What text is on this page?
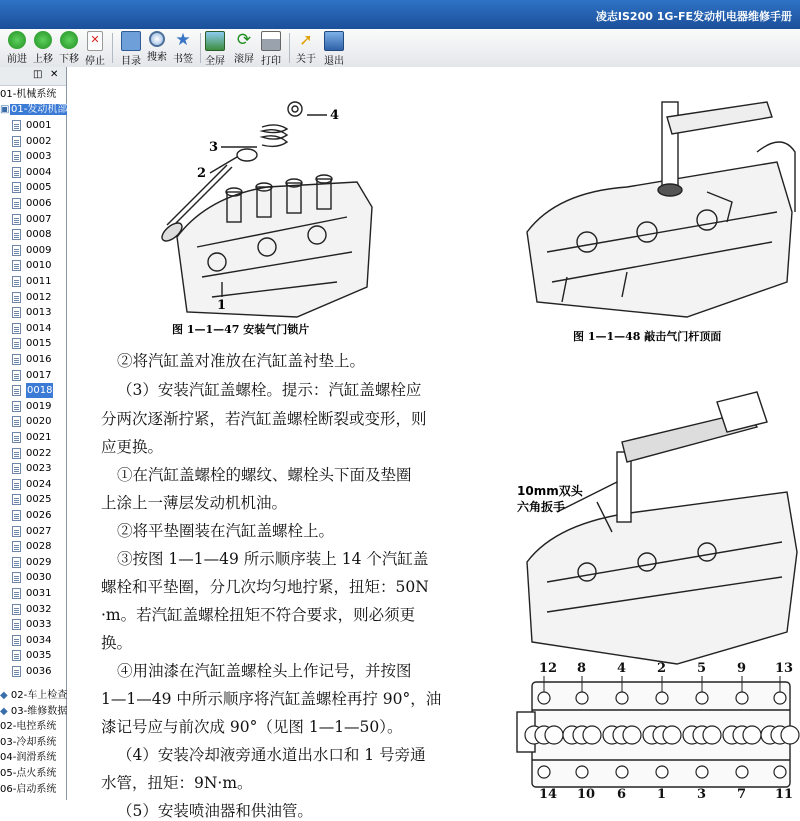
凌志IS200 1G-FE发动机电器维修手册
前进 上移 下移
✕
停止	目录 搜索
★
书签	全屏
⟳
滚屏 打印
➚
关于 退出
◫ ✕
01-机械系统
▣ 01-发动机部
0001
0002
0003
0004
0005
0006
0007
0008
0009
0010
0011
0012
0013
0014
0015
0016
0017
0018
0019
0020
0021
0022
0023
0024
0025
0026
0027
0028
0029
0030
0031
0032
0033
0034
0035
0036
◆ 02-车上检查
◆ 03-维修数据
02-电控系统
03-冷却系统
04-润滑系统
05-点火系统
06-启动系统
3
2
4
1
图 1—1—47 安装气门锁片
图 1—1—48 敲击气门杆顶面
10mm双头
六角扳手
12 8 4 2 5 9 13
14 10 6 1 3 7 11
②将汽缸盖对准放在汽缸盖衬垫上。
（3）安装汽缸盖螺栓。提示：汽缸盖螺栓应
分两次逐渐拧紧，若汽缸盖螺栓断裂或变形，则
应更换。
①在汽缸盖螺栓的螺纹、螺栓头下面及垫圈
上涂上一薄层发动机机油。
②将平垫圈装在汽缸盖螺栓上。
③按图 1—1—49 所示顺序装上 14 个汽缸盖
螺栓和平垫圈，分几次均匀地拧紧，扭矩：50N
·m。若汽缸盖螺栓扭矩不符合要求，则必须更
换。
④用油漆在汽缸盖螺栓头上作记号，并按图
1—1—49 中所示顺序将汽缸盖螺栓再拧 90°，油
漆记号应与前次成 90°（见图 1—1—50）。
（4）安装冷却液旁通水道出水口和 1 号旁通
水管，扭矩：9N·m。
（5）安装喷油器和供油管。
